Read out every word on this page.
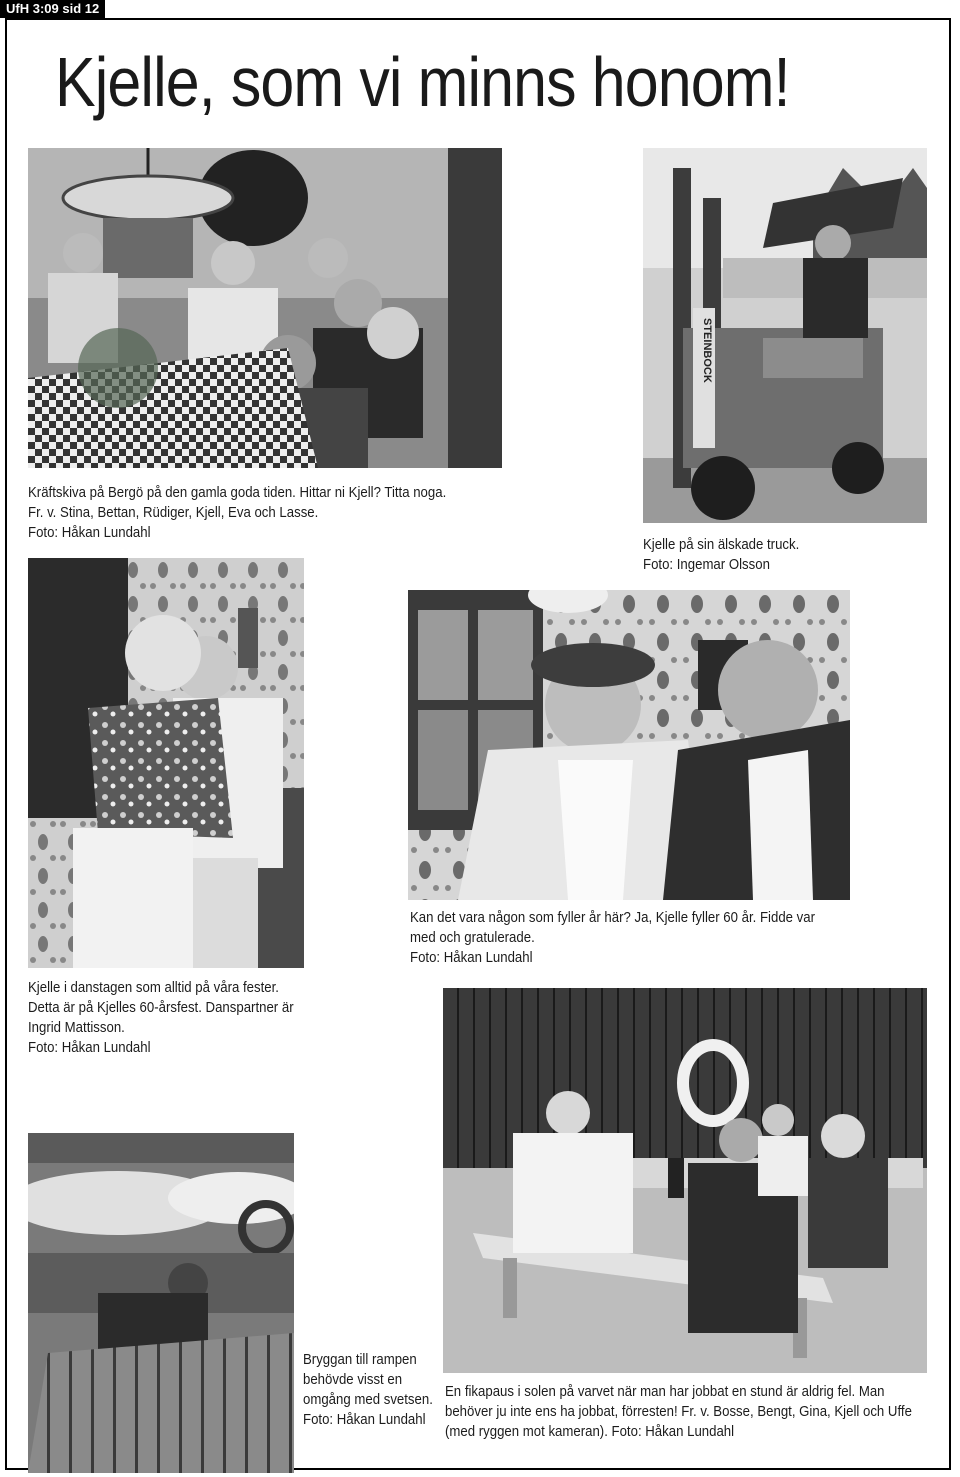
UfH 3:09 sid 12
Kjelle, som vi minns honom!
STEINBOCK
Kräftskiva på Bergö på den gamla goda tiden. Hittar ni Kjell? Titta noga.
Fr. v. Stina, Bettan, Rüdiger, Kjell, Eva och Lasse.
Foto: Håkan Lundahl
Kjelle på sin älskade truck.
Foto: Ingemar Olsson
Kan det vara någon som fyller år här? Ja, Kjelle fyller 60 år. Fidde var
med och gratulerade.
Foto: Håkan Lundahl
Kjelle i danstagen som alltid på våra fester.
Detta är på Kjelles 60-årsfest. Danspartner är
Ingrid Mattisson.
Foto: Håkan Lundahl
Bryggan till rampen
behövde visst en
omgång med svetsen.
Foto: Håkan Lundahl
En fikapaus i solen på varvet när man har jobbat en stund är aldrig fel. Man
behöver ju inte ens ha jobbat, förresten! Fr. v. Bosse, Bengt, Gina, Kjell och Uffe
(med ryggen mot kameran). Foto: Håkan Lundahl
